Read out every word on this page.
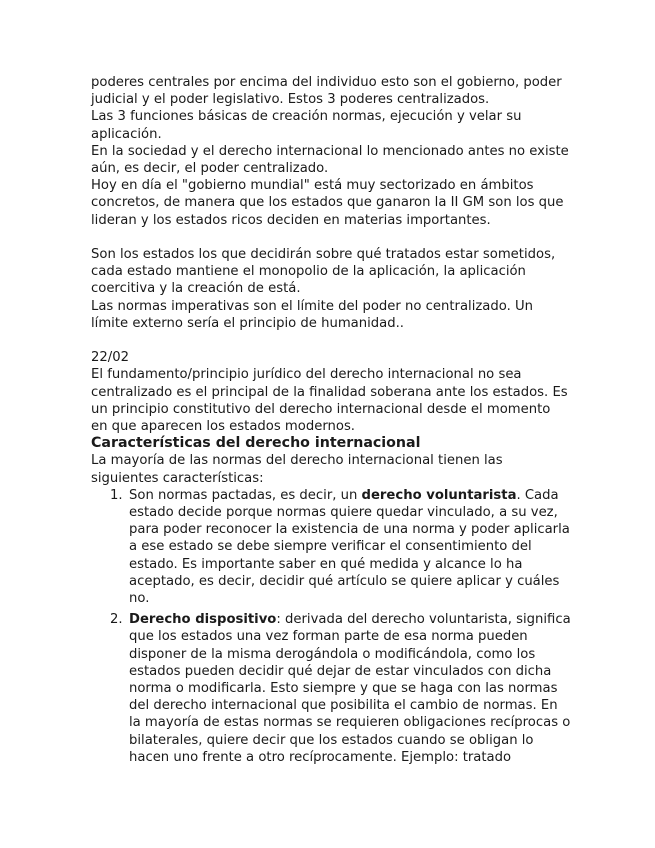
poderes centrales por encima del individuo esto son el gobierno, poder judicial y el poder legislativo. Estos 3 poderes centralizados.

Las 3 funciones básicas de creación normas, ejecución y velar su aplicación.

En la sociedad y el derecho internacional lo mencionado antes no existe aún, es decir, el poder centralizado.

Hoy en día el "gobierno mundial" está muy sectorizado en ámbitos concretos, de manera que los estados que ganaron la II GM son los que lideran y los estados ricos deciden en materias importantes.

Son los estados los que decidirán sobre qué tratados estar sometidos, cada estado mantiene el monopolio de la aplicación, la aplicación coercitiva y la creación de está.

Las normas imperativas son el límite del poder no centralizado. Un límite externo sería el principio de humanidad..

22/02

El fundamento/principio jurídico del derecho internacional no sea centralizado es el principal de la finalidad soberana ante los estados. Es un principio constitutivo del derecho internacional desde el momento en que aparecen los estados modernos.

Características del derecho internacional

La mayoría de las normas del derecho internacional tienen las siguientes características:

1. Son normas pactadas, es decir, un derecho voluntarista. Cada estado decide porque normas quiere quedar vinculado, a su vez, para poder reconocer la existencia de una norma y poder aplicarla a ese estado se debe siempre verificar el consentimiento del estado. Es importante saber en qué medida y alcance lo ha aceptado, es decir, decidir qué artículo se quiere aplicar y cuáles no.
2. Derecho dispositivo: derivada del derecho voluntarista, significa que los estados una vez forman parte de esa norma pueden disponer de la misma derogándola o modificándola, como los estados pueden decidir qué dejar de estar vinculados con dicha norma o modificarla. Esto siempre y que se haga con las normas del derecho internacional que posibilita el cambio de normas. En la mayoría de estas normas se requieren obligaciones recíprocas o bilaterales, quiere decir que los estados cuando se obligan lo hacen uno frente a otro recíprocamente. Ejemplo: tratado
